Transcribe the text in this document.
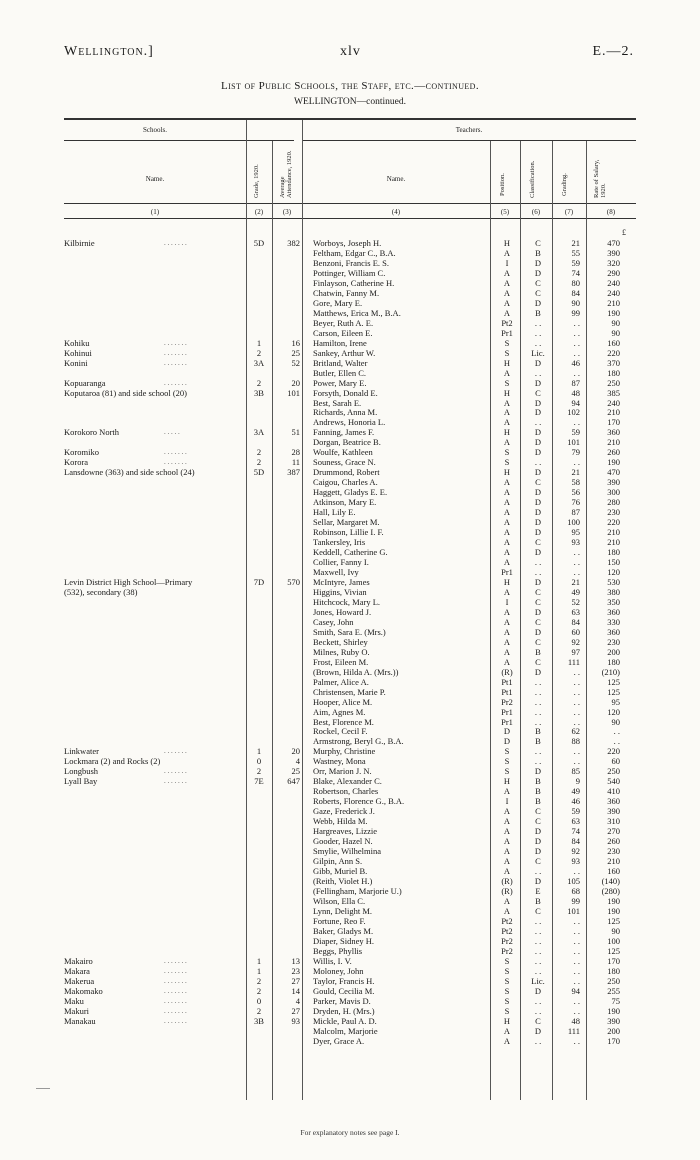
Wellington.]	xlv	E.—2.
List of Public Schools, the Staff, etc.—continued.
WELLINGTON—continued.
Schools.	Teachers.
Name.	Grade, 1920.	Average Attendance, 1920.	Name.	Position.	Classification.	Grading.	Rate of Salary, 1920.
(1)	(2)	(3)	(4)	(5)	(6)	(7)	(8)
£
Kilbirnie	5D	382 Worboys, Joseph H.	H	C	21	470
. . . . . . .
Feltham, Edgar C., B.A.	A	B	55	390
Benzoni, Francis E. S.	I	D	59	320
Pottinger, William C.	A	D	74	290
Finlayson, Catherine H.	A	C	80	240
Chatwin, Fanny M.	A	C	84	240
Gore, Mary E.	A	D	90	210
Matthews, Erica M., B.A.	A	B	99	190
Beyer, Ruth A. E.	Pt2	. .	. .	90
Carson, Eileen E.	Pr1	. .	. .	90
Kohiku	1	16 Hamilton, Irene	S	. .	. .	160
. . . . . . .
Kohinui	2	25 Sankey, Arthur W.	S	Lic.	. .	220
. . . . . . .
Konini	3A	52 Britland, Walter	H	D	46	370
. . . . . . .
Butler, Ellen C.	A	. .	. .	180
Kopuaranga	2	20 Power, Mary E.	S	D	87	250
. . . . . . .
Koputaroa (81) and side school (20)	3B	101 Forsyth, Donald E.	H	C	48	385
Best, Sarah E.	A	D	94	240
Richards, Anna M.	A	D	102	210
Andrews, Honoria L.	A	. .	. .	170
Korokoro North	3A	51 Fanning, James F.	H	D	59	360
. . . . .
Dorgan, Beatrice B.	A	D	101	210
Koromiko	2	28 Woulfe, Kathleen	S	D	79	260
. . . . . . .
Korora	2	11 Souness, Grace N.	S	. .	. .	190
. . . . . . .
Lansdowne (363) and side school (24)	5D	387 Drummond, Robert	H	D	21	470
Caigou, Charles A.	A	C	58	390
Haggett, Gladys E. E.	A	D	56	300
Atkinson, Mary E.	A	D	76	280
Hall, Lily E.	A	D	87	230
Sellar, Margaret M.	A	D	100	220
Robinson, Lillie I. F.	A	D	95	210
Tankersley, Iris	A	C	93	210
Keddell, Catherine G.	A	D	. .	180
Collier, Fanny I.	A	. .	. .	150
Maxwell, Ivy	Pr1	. .	. .	120
Levin District High School—Primary	7D	570 McIntyre, James	H	D	21	530
(532), secondary (38)	Higgins, Vivian	A	C	49	380
Hitchcock, Mary L.	I	C	52	350
Jones, Howard J.	A	D	63	360
Casey, John	A	C	84	330
Smith, Sara E. (Mrs.)	A	D	60	360
Beckett, Shirley	A	C	92	230
Milnes, Ruby O.	A	B	97	200
Frost, Eileen M.	A	C	111	180
(Brown, Hilda A. (Mrs.))	(R)	D	. .	(210)
Palmer, Alice A.	Pt1	. .	. .	125
Christensen, Marie P.	Pt1	. .	. .	125
Hooper, Alice M.	Pr2	. .	. .	95
Aim, Agnes M.	Pr1	. .	. .	120
Best, Florence M.	Pr1	. .	. .	90
Rockel, Cecil F.	D	B	62	. .
Armstrong, Beryl G., B.A.	D	B	88	. .
Linkwater	1	20 Murphy, Christine	S	. .	. .	220
. . . . . . .
Lockmara (2) and Rocks (2)	0	4 Wastney, Mona	S	. .	. .	60
Longbush	2	25 Orr, Marion J. N.	S	D	85	250
. . . . . . .
Lyall Bay	7E	647 Blake, Alexander C.	H	B	9	540
. . . . . . .
Robertson, Charles	A	B	49	410
Roberts, Florence G., B.A.	I	B	46	360
Gaze, Frederick J.	A	C	59	390
Webb, Hilda M.	A	C	63	310
Hargreaves, Lizzie	A	D	74	270
Gooder, Hazel N.	A	D	84	260
Smylie, Wilhelmina	A	D	92	230
Gilpin, Ann S.	A	C	93	210
Gibb, Muriel B.	A	. .	. .	160
(Reith, Violet H.)	(R)	D	105	(140)
(Fellingham, Marjorie U.)	(R)	E	68	(280)
Wilson, Ella C.	A	B	99	190
Lynn, Delight M.	A	C	101	190
Fortune, Reo F.	Pt2	. .	. .	125
Baker, Gladys M.	Pt2	. .	. .	90
Diaper, Sidney H.	Pr2	. .	. .	100
Beggs, Phyllis	Pr2	. .	. .	125
Makairo	1	13 Willis, I. V.	S	. .	. .	170
. . . . . . .
Makara	1	23 Moloney, John	S	. .	. .	180
. . . . . . .
Makerua	2	27 Taylor, Francis H.	S	Lic.	. .	250
. . . . . . .
Makomako	2	14 Gould, Cecilia M.	S	D	94	255
. . . . . . .
Maku	0	4 Parker, Mavis D.	S	. .	. .	75
. . . . . . .
Makuri	2	27 Dryden, H. (Mrs.)	S	. .	. .	190
. . . . . . .
Manakau	3B	93 Mickle, Paul A. D.	H	C	48	390
. . . . . . .
Malcolm, Marjorie	A	D	111	200
Dyer, Grace A.	A	. .	. .	170
For explanatory notes see page I.
